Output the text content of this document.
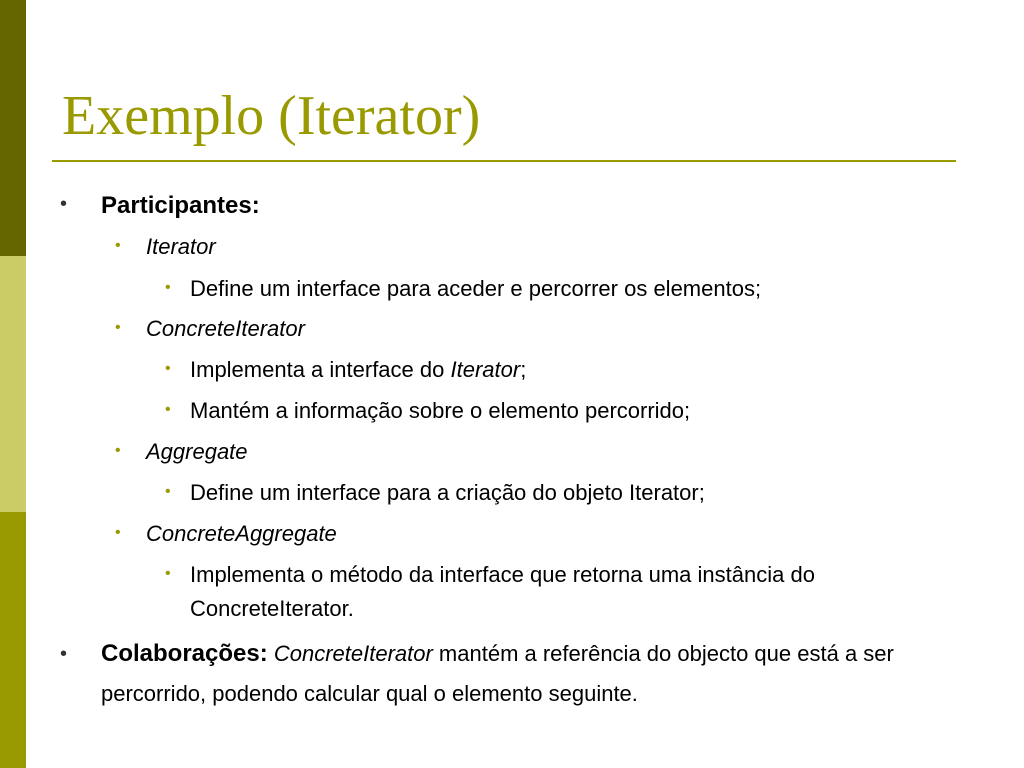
Exemplo (Iterator)
• Participantes:
• Iterator
• Define um interface para aceder e percorrer os elementos;
• ConcreteIterator
• Implementa a interface do Iterator;
• Mantém a informação sobre o elemento percorrido;
• Aggregate
• Define um interface para a criação do objeto Iterator;
• ConcreteAggregate
• Implementa o método da interface que retorna uma instância do
ConcreteIterator.
• Colaborações: ConcreteIterator mantém a referência do objecto que está a ser
percorrido, podendo calcular qual o elemento seguinte.
